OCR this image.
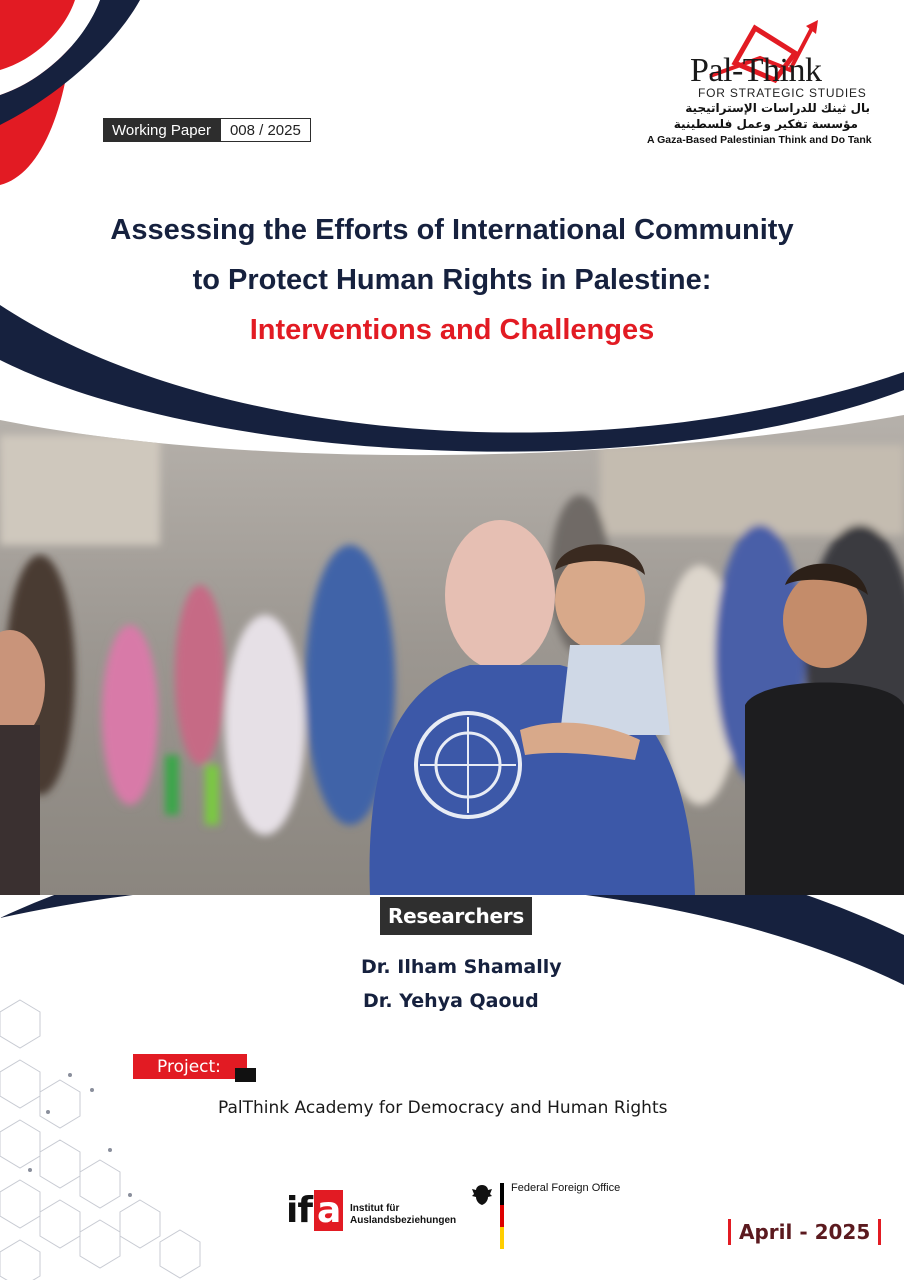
Working Paper	008 / 2025
Pal-Think
FOR STRATEGIC STUDIES
بال ثينك للدراسات الإستراتيجية
مؤسسة تفكير وعمل فلسطينية
A Gaza-Based Palestinian Think and Do Tank
Assessing the Efforts of International Community
to Protect Human Rights in Palestine:
Interventions and Challenges
Researchers
Dr. Ilham Shamally
Dr. Yehya Qaoud
Project:
PalThink Academy for Democracy and Human Rights
if a Institut für
Auslandsbeziehungen
Federal Foreign Office
April - 2025
